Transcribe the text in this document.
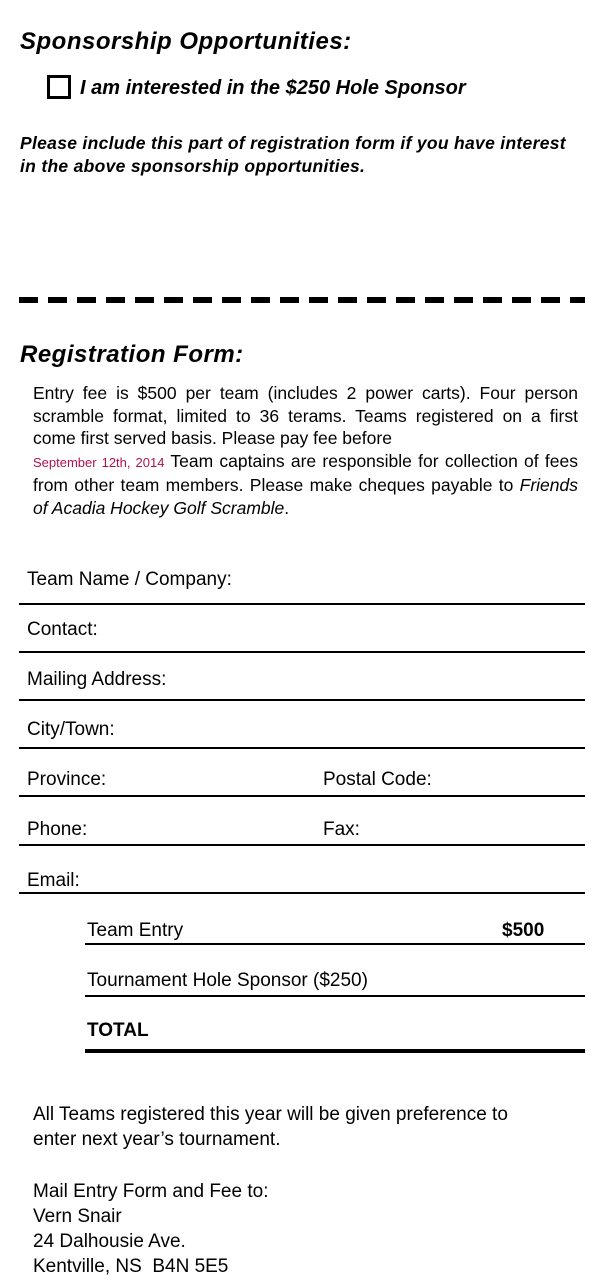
Sponsorship Opportunities:
I am interested in the $250 Hole Sponsor
Please include this part of registration form if you have interest in the above sponsorship opportunities.
Registration Form:
Entry fee is $500 per team (includes 2 power carts). Four person scramble format, limited to 36 terams. Teams registered on a first come first served basis. Please pay fee before
September 12th, 2014 Team captains are responsible for collection of fees from other team members. Please make cheques payable to Friends of Acadia Hockey Golf Scramble.
Team Name / Company:
Contact:
Mailing Address:
City/Town:
Province:	Postal Code:
Phone:	Fax:
Email:
Team Entry	$500
Tournament Hole Sponsor ($250)
TOTAL
All Teams registered this year will be given preference to
enter next year’s tournament.
Mail Entry Form and Fee to:
Vern Snair
24 Dalhousie Ave.
Kentville, NS  B4N 5E5
